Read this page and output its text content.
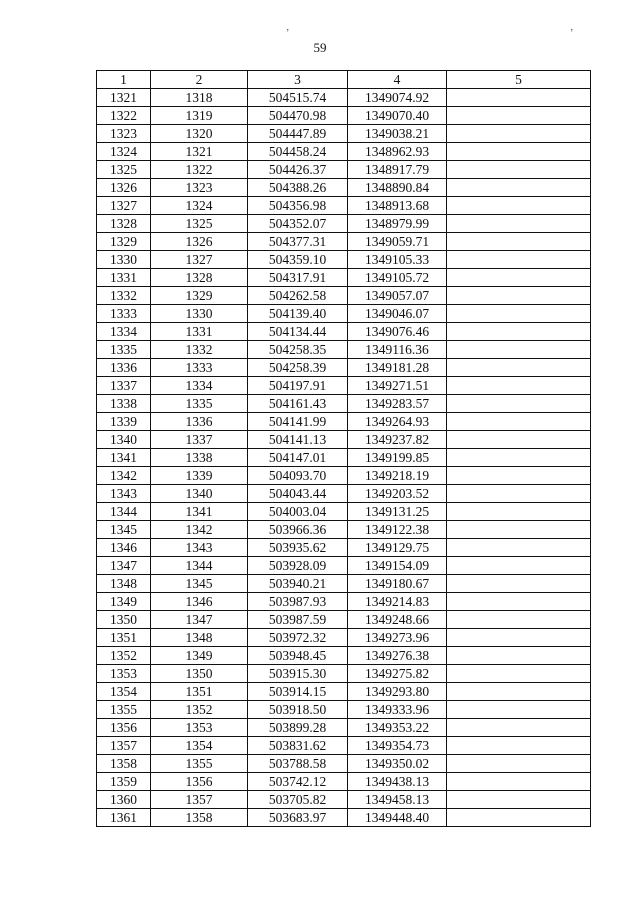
’	’
59
1	2	3	4	5
1321	1318	504515.74	1349074.92	
1322	1319	504470.98	1349070.40	
1323	1320	504447.89	1349038.21	
1324	1321	504458.24	1348962.93	
1325	1322	504426.37	1348917.79	
1326	1323	504388.26	1348890.84	
1327	1324	504356.98	1348913.68	
1328	1325	504352.07	1348979.99	
1329	1326	504377.31	1349059.71	
1330	1327	504359.10	1349105.33	
1331	1328	504317.91	1349105.72	
1332	1329	504262.58	1349057.07	
1333	1330	504139.40	1349046.07	
1334	1331	504134.44	1349076.46	
1335	1332	504258.35	1349116.36	
1336	1333	504258.39	1349181.28	
1337	1334	504197.91	1349271.51	
1338	1335	504161.43	1349283.57	
1339	1336	504141.99	1349264.93	
1340	1337	504141.13	1349237.82	
1341	1338	504147.01	1349199.85	
1342	1339	504093.70	1349218.19	
1343	1340	504043.44	1349203.52	
1344	1341	504003.04	1349131.25	
1345	1342	503966.36	1349122.38	
1346	1343	503935.62	1349129.75	
1347	1344	503928.09	1349154.09	
1348	1345	503940.21	1349180.67	
1349	1346	503987.93	1349214.83	
1350	1347	503987.59	1349248.66	
1351	1348	503972.32	1349273.96	
1352	1349	503948.45	1349276.38	
1353	1350	503915.30	1349275.82	
1354	1351	503914.15	1349293.80	
1355	1352	503918.50	1349333.96	
1356	1353	503899.28	1349353.22	
1357	1354	503831.62	1349354.73	
1358	1355	503788.58	1349350.02	
1359	1356	503742.12	1349438.13	
1360	1357	503705.82	1349458.13	
1361	1358	503683.97	1349448.40	
